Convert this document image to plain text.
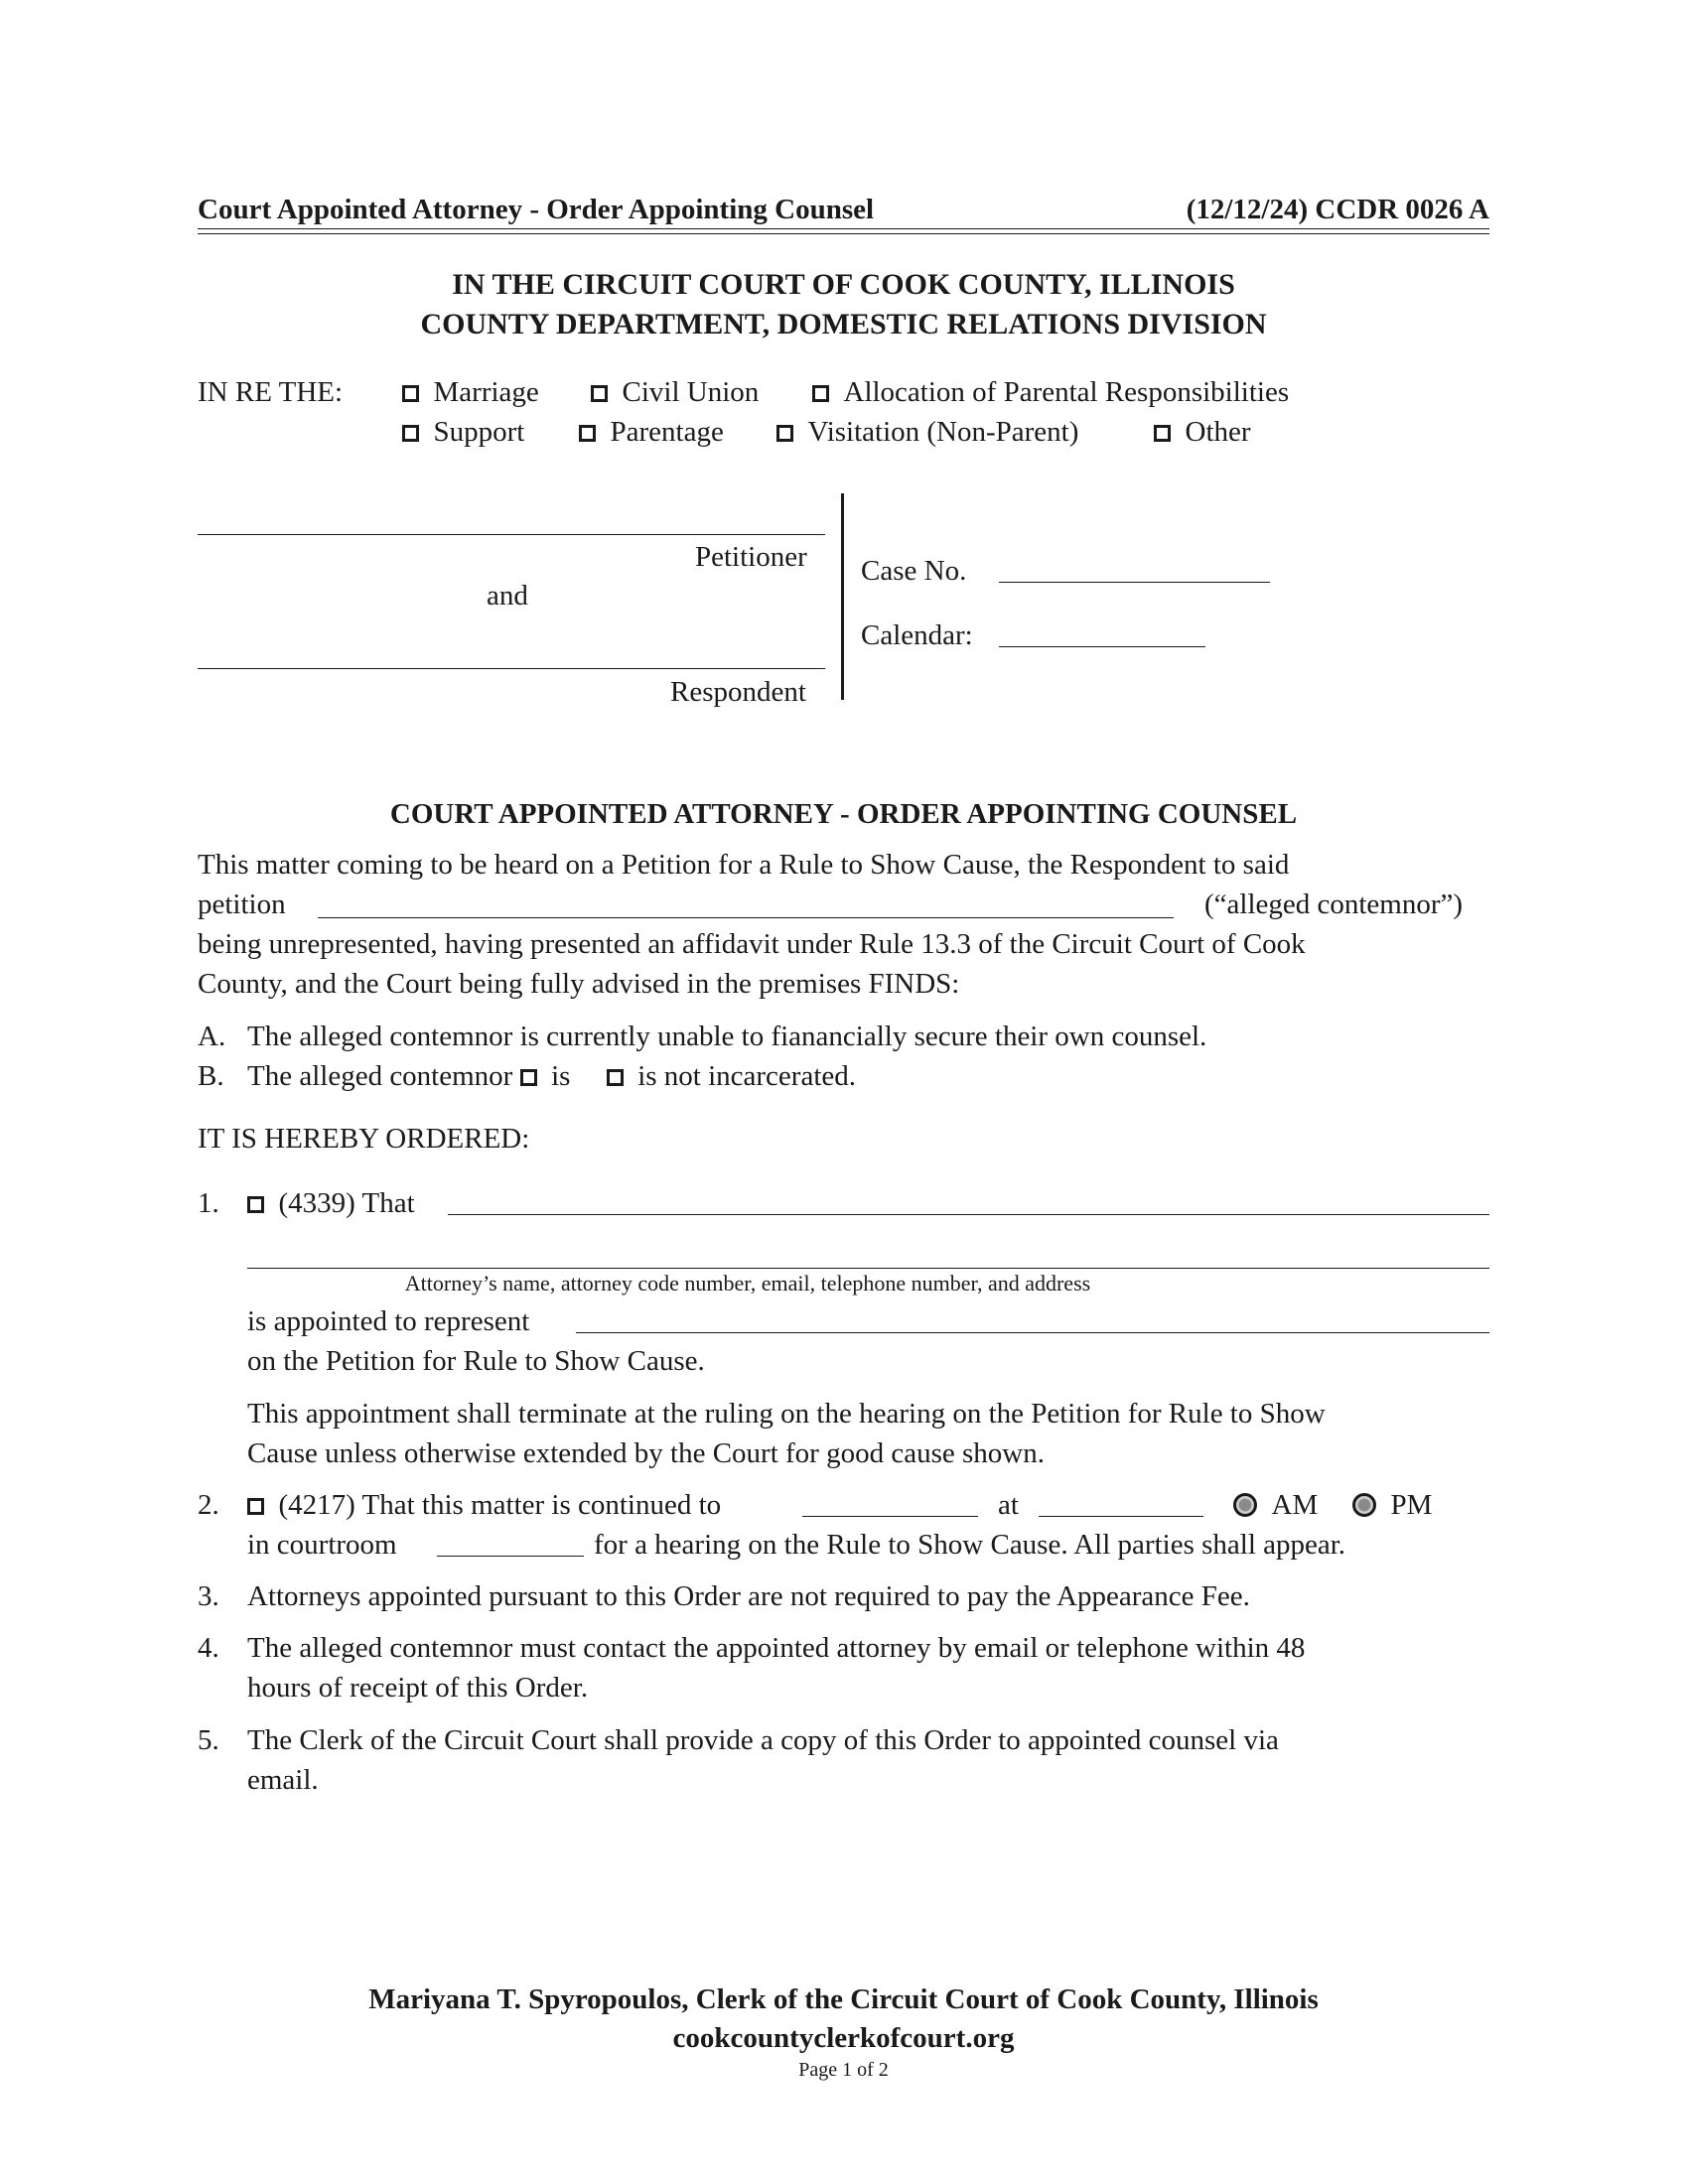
Court Appointed Attorney - Order Appointing Counsel	(12/12/24) CCDR 0026 A
IN THE CIRCUIT COURT OF COOK COUNTY, ILLINOIS
COUNTY DEPARTMENT, DOMESTIC RELATIONS DIVISION
IN RE THE:	Marriage	Civil Union	Allocation of Parental Responsibilities
Support	Parentage	Visitation (Non-Parent)	Other
Petitioner
and
Respondent
Case No.
Calendar:
COURT APPOINTED ATTORNEY - ORDER APPOINTING COUNSEL
This matter coming to be heard on a Petition for a Rule to Show Cause, the Respondent to said
petition	(“alleged contemnor”)
being unrepresented, having presented an affidavit under Rule 13.3 of the Circuit Court of Cook
County, and the Court being fully advised in the premises FINDS:
A. The alleged contemnor is currently unable to fianancially secure their own counsel.
B. The alleged contemnor is is not incarcerated.
IT IS HEREBY ORDERED:
1.	(4339) That
Attorney’s name, attorney code number, email, telephone number, and address
is appointed to represent
on the Petition for Rule to Show Cause.
This appointment shall terminate at the ruling on the hearing on the Petition for Rule to Show
Cause unless otherwise extended by the Court for good cause shown.
2.	(4217) That this matter is continued to	at	AM	PM
in courtroom	for a hearing on the Rule to Show Cause. All parties shall appear.
3. Attorneys appointed pursuant to this Order are not required to pay the Appearance Fee.
4. The alleged contemnor must contact the appointed attorney by email or telephone within 48
hours of receipt of this Order.
5. The Clerk of the Circuit Court shall provide a copy of this Order to appointed counsel via
email.
Mariyana T. Spyropoulos, Clerk of the Circuit Court of Cook County, Illinois
cookcountyclerkofcourt.org
Page 1 of 2
